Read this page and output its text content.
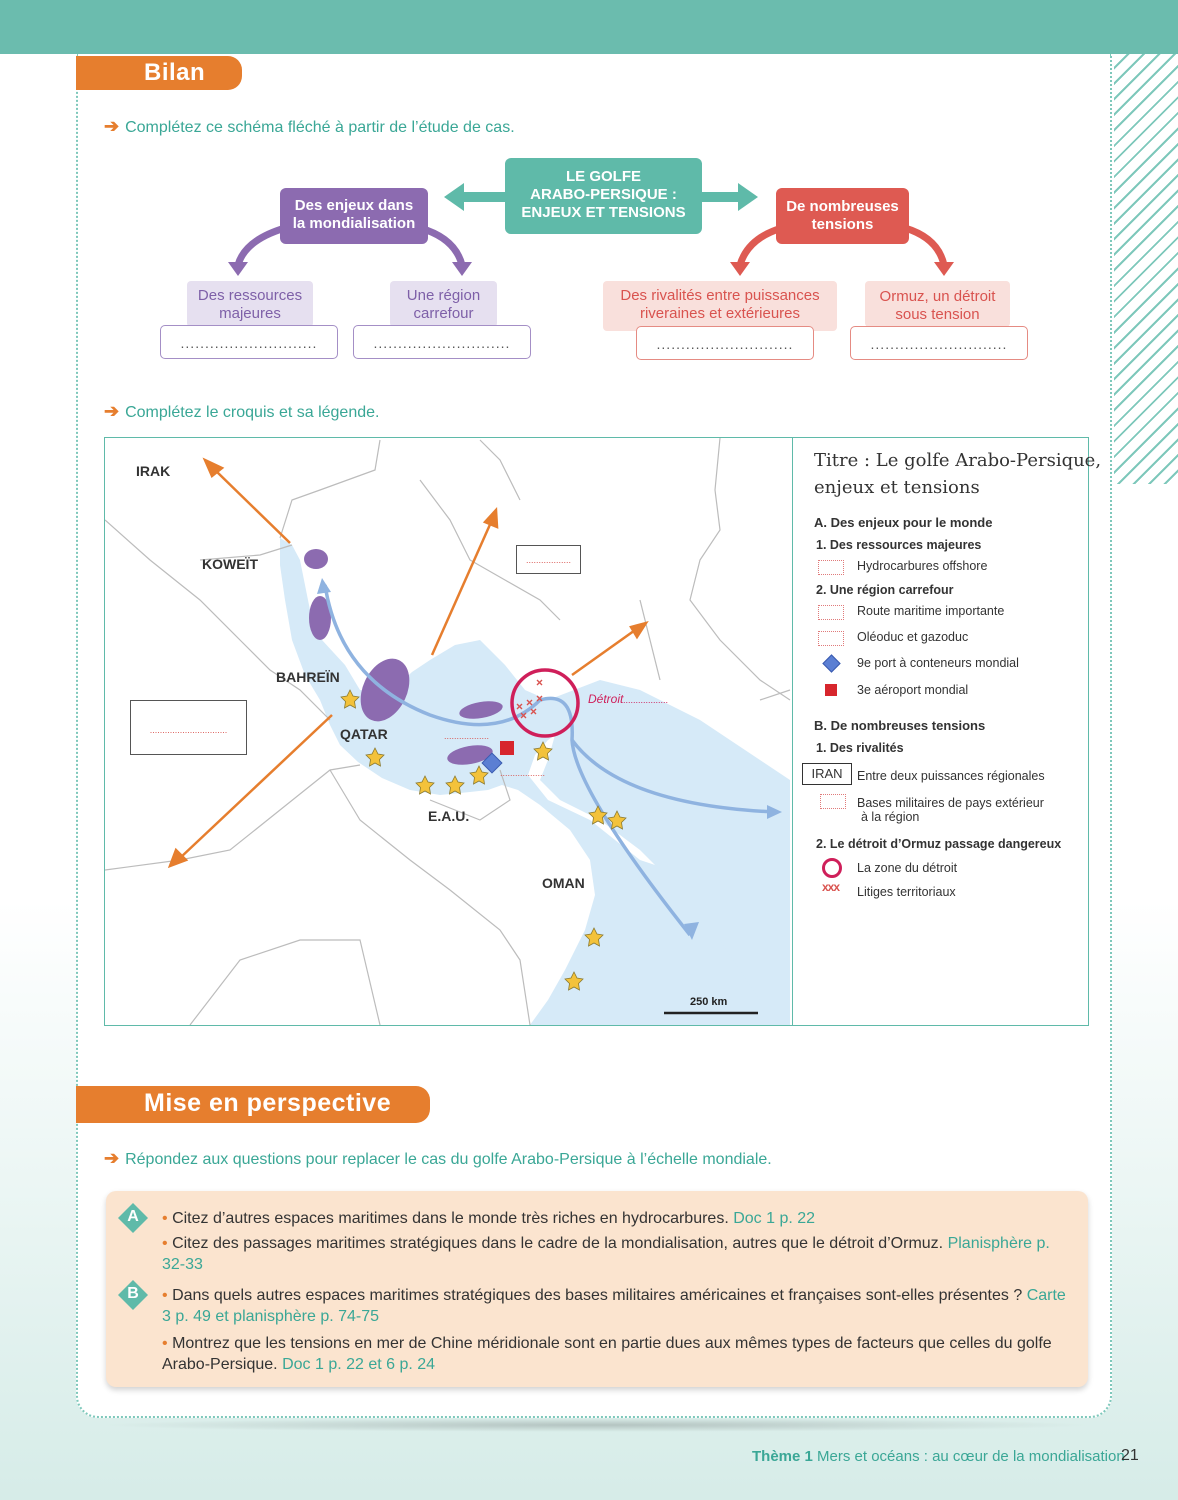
Bilan
➔ Complétez ce schéma fléché à partir de l’étude de cas.
LE GOLFE
ARABO-PERSIQUE :
ENJEUX ET TENSIONS
Des enjeux dans
la mondialisation
De nombreuses
tensions
Des ressources
majeures
............................
Une région
carrefour
............................
Des rivalités entre puissances
riveraines et extérieures
............................
Ormuz, un détroit
sous tension
............................
➔ Complétez le croquis et sa légende.
IRAK
KOWEÏT
BAHREÏN
QATAR
E.A.U.
OMAN
Détroit..................
250 km
..................
...............................
..................
..................
Titre : Le golfe Arabo-Persique,
enjeux et tensions
A. Des enjeux pour le monde
1. Des ressources majeures
Hydrocarbures offshore
2. Une région carrefour
Route maritime importante
Oléoduc et gazoduc
9e port à conteneurs mondial
3e aéroport mondial
B. De nombreuses tensions
1. Des rivalités
IRAN	Entre deux puissances régionales
Bases militaires de pays extérieur
à la région
2. Le détroit d’Ormuz passage dangereux
La zone du détroit
xxx Litiges territoriaux
Mise en perspective
➔ Répondez aux questions pour replacer le cas du golfe Arabo-Persique à l’échelle mondiale.
A
B
• Citez d’autres espaces maritimes dans le monde très riches en hydrocarbures. Doc 1 p. 22
• Citez des passages maritimes stratégiques dans le cadre de la mondialisation, autres que le détroit d’Ormuz. Planisphère p. 32-33
• Dans quels autres espaces maritimes stratégiques des bases militaires américaines et françaises sont-elles présentes ? Carte 3 p. 49 et planisphère p. 74-75
• Montrez que les tensions en mer de Chine méridionale sont en partie dues aux mêmes types de facteurs que celles du golfe Arabo-Persique. Doc 1 p. 22 et 6 p. 24
Thème 1 Mers et océans : au cœur de la mondialisation
21
